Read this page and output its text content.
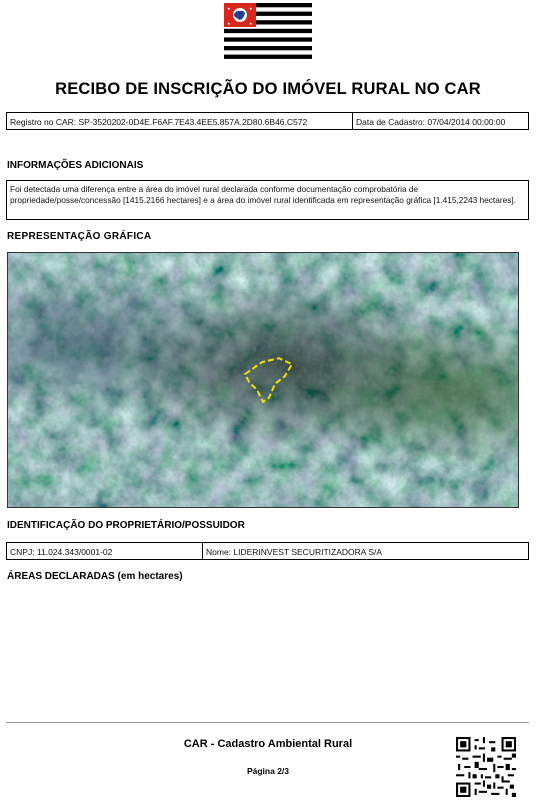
★	★
★	★
RECIBO DE INSCRIÇÃO DO IMÓVEL RURAL NO CAR
Registro no CAR: SP-3520202-0D4E.F6AF.7E43.4EE5.857A.2D80.6B46.C572	Data de Cadastro: 07/04/2014 00:00:00
INFORMAÇÕES ADICIONAIS
Foi detectada uma diferença entre a área do imóvel rural declarada conforme documentação comprobatória de propriedade/posse/concessão [1415.2166 hectares] e a área do imóvel rural identificada em representação gráfica [1.415,2243 hectares].
REPRESENTAÇÃO GRÁFICA
IDENTIFICAÇÃO DO PROPRIETÁRIO/POSSUIDOR
CNPJ: 11.024.343/0001-02	Nome: LIDERINVEST SECURITIZADORA S/A
ÁREAS DECLARADAS (em hectares)
CAR - Cadastro Ambiental Rural
Página 2/3
